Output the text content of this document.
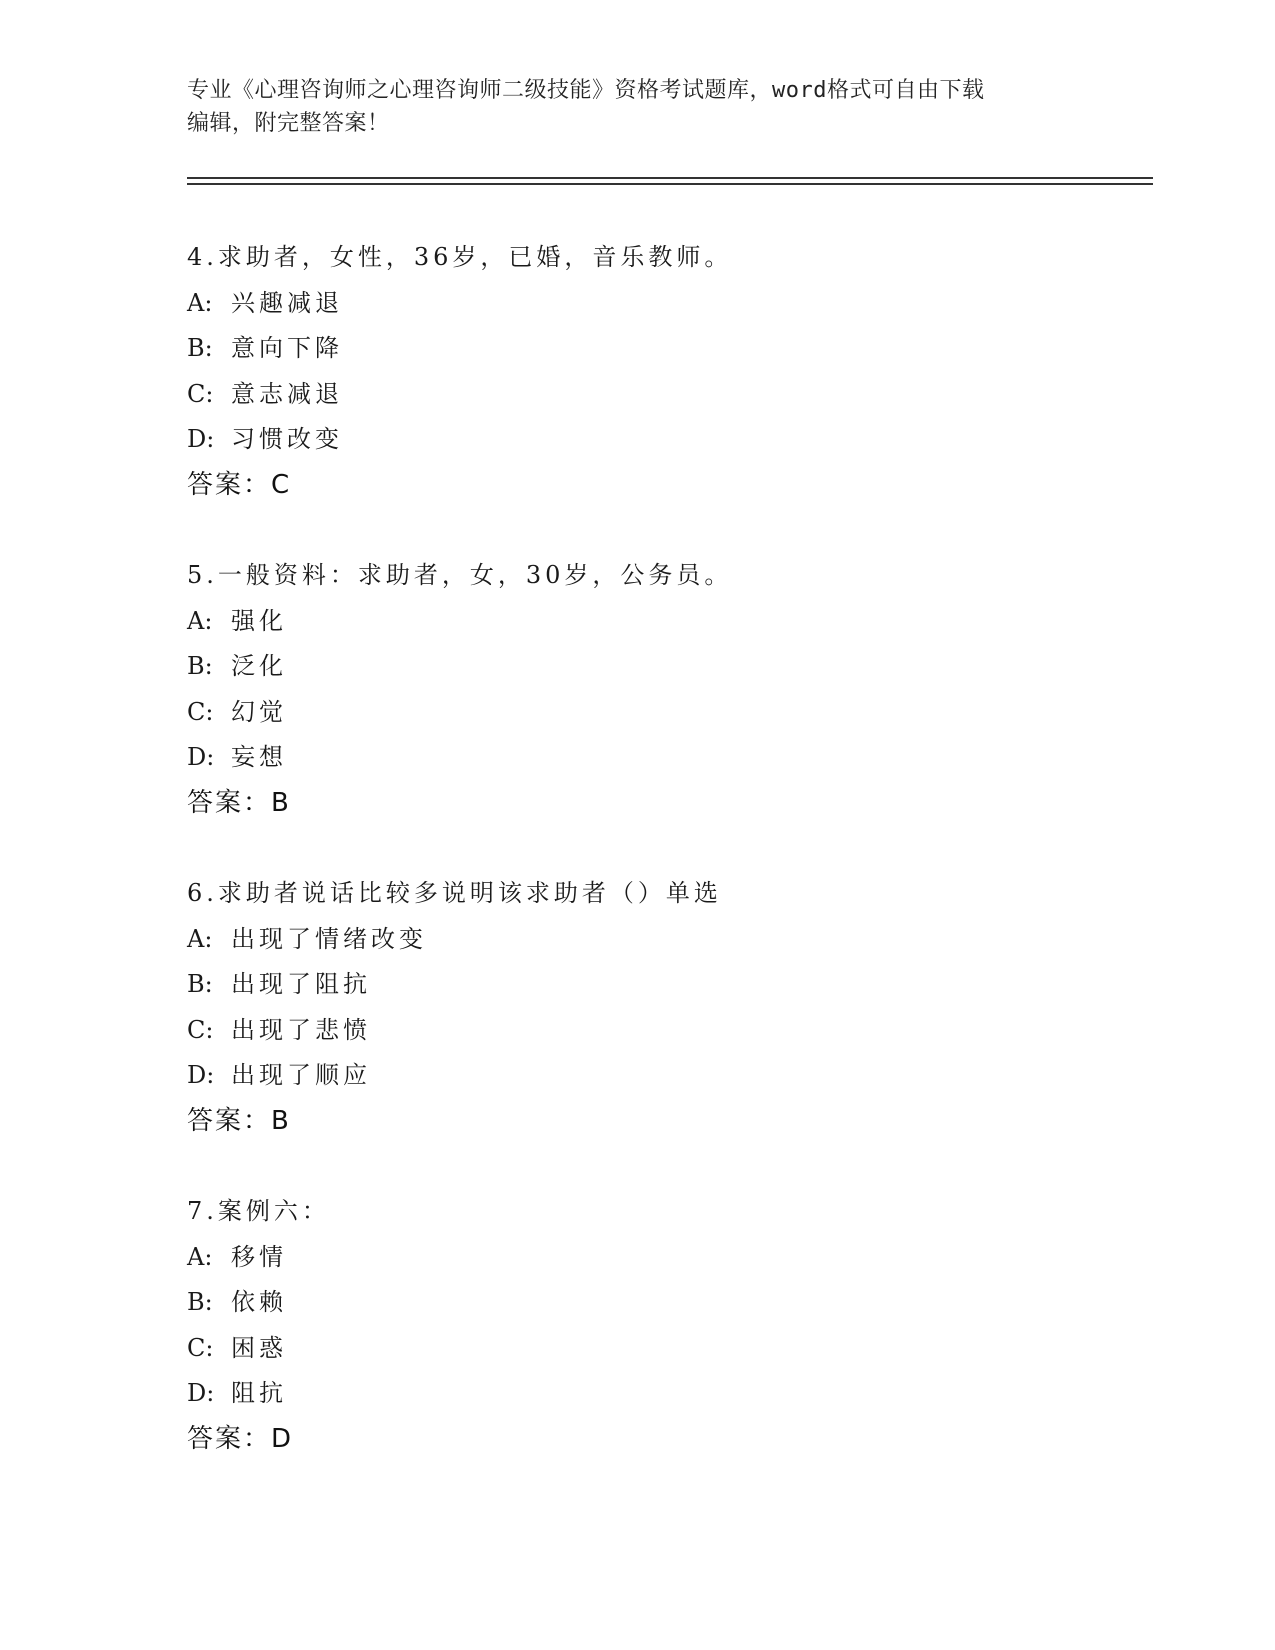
专业《心理咨询师之心理咨询师二级技能》资格考试题库，word格式可自由下载
编辑，附完整答案！
4.求助者，女性，36岁，已婚，音乐教师。
A: 兴趣减退
B: 意向下降
C: 意志减退
D: 习惯改变
答案：C
5.一般资料：求助者，女，30岁，公务员。
A: 强化
B: 泛化
C: 幻觉
D: 妄想
答案：B
6.求助者说话比较多说明该求助者（）单选
A: 出现了情绪改变
B: 出现了阻抗
C: 出现了悲愤
D: 出现了顺应
答案：B
7.案例六：
A: 移情
B: 依赖
C: 困惑
D: 阻抗
答案：D
